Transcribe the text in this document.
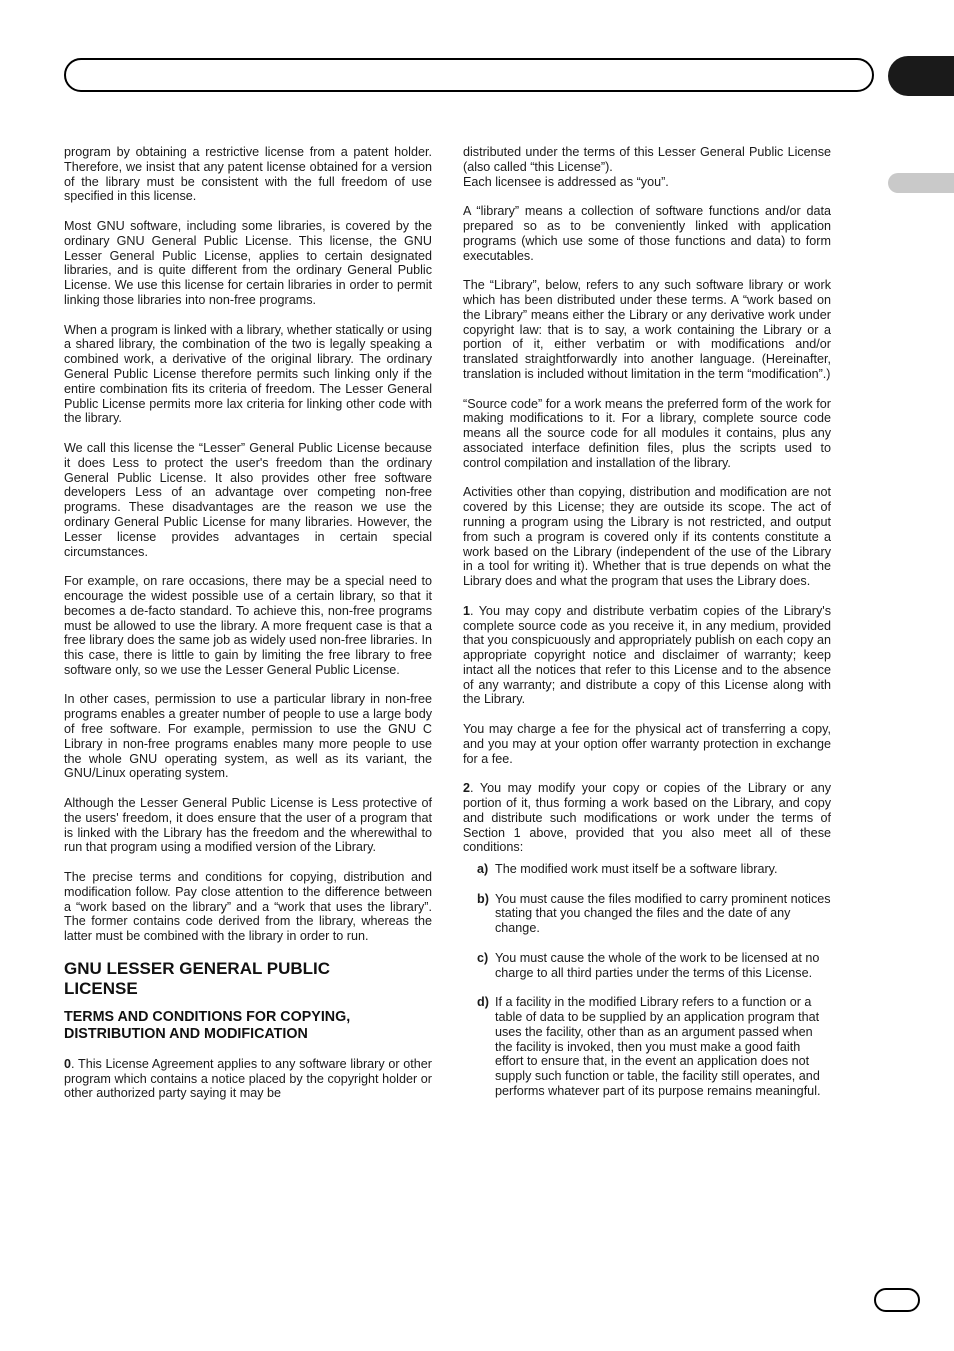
program by obtaining a restrictive license from a patent holder. Therefore, we insist that any patent license obtained for a version of the library must be consistent with the full freedom of use specified in this license.

Most GNU software, including some libraries, is covered by the ordinary GNU General Public License. This license, the GNU Lesser General Public License, applies to certain designated libraries, and is quite different from the ordinary General Public License. We use this license for certain libraries in order to permit linking those libraries into non-free programs.

When a program is linked with a library, whether statically or using a shared library, the combination of the two is legally speaking a combined work, a derivative of the original library. The ordinary General Public License therefore permits such linking only if the entire combination fits its criteria of freedom. The Lesser General Public License permits more lax criteria for linking other code with the library.

We call this license the “Lesser” General Public License because it does Less to protect the user's freedom than the ordinary General Public License. It also provides other free software developers Less of an advantage over competing non-free programs. These disadvantages are the reason we use the ordinary General Public License for many libraries. However, the Lesser license provides advantages in certain special circumstances.

For example, on rare occasions, there may be a special need to encourage the widest possible use of a certain library, so that it becomes a de-facto standard. To achieve this, non-free programs must be allowed to use the library. A more frequent case is that a free library does the same job as widely used non-free libraries. In this case, there is little to gain by limiting the free library to free software only, so we use the Lesser General Public License.

In other cases, permission to use a particular library in non-free programs enables a greater number of people to use a large body of free software. For example, permission to use the GNU C Library in non-free programs enables many more people to use the whole GNU operating system, as well as its variant, the GNU/Linux operating system.

Although the Lesser General Public License is Less protective of the users' freedom, it does ensure that the user of a program that is linked with the Library has the freedom and the wherewithal to run that program using a modified version of the Library.

The precise terms and conditions for copying, distribution and modification follow. Pay close attention to the difference between a “work based on the library” and a “work that uses the library”. The former contains code derived from the library, whereas the latter must be combined with the library in order to run.

GNU LESSER GENERAL PUBLIC LICENSE
TERMS AND CONDITIONS FOR COPYING, DISTRIBUTION AND MODIFICATION

0. This License Agreement applies to any software library or other program which contains a notice placed by the copyright holder or other authorized party saying it may be

distributed under the terms of this Lesser General Public License (also called “this License”).
Each licensee is addressed as “you”.

A “library” means a collection of software functions and/or data prepared so as to be conveniently linked with application programs (which use some of those functions and data) to form executables.

The “Library”, below, refers to any such software library or work which has been distributed under these terms. A “work based on the Library” means either the Library or any derivative work under copyright law: that is to say, a work containing the Library or a portion of it, either verbatim or with modifications and/or translated straightforwardly into another language. (Hereinafter, translation is included without limitation in the term “modification”.)

“Source code” for a work means the preferred form of the work for making modifications to it. For a library, complete source code means all the source code for all modules it contains, plus any associated interface definition files, plus the scripts used to control compilation and installation of the library.

Activities other than copying, distribution and modification are not covered by this License; they are outside its scope. The act of running a program using the Library is not restricted, and output from such a program is covered only if its contents constitute a work based on the Library (independent of the use of the Library in a tool for writing it). Whether that is true depends on what the Library does and what the program that uses the Library does.

1. You may copy and distribute verbatim copies of the Library's complete source code as you receive it, in any medium, provided that you conspicuously and appropriately publish on each copy an appropriate copyright notice and disclaimer of warranty; keep intact all the notices that refer to this License and to the absence of any warranty; and distribute a copy of this License along with the Library.

You may charge a fee for the physical act of transferring a copy, and you may at your option offer warranty protection in exchange for a fee.

2. You may modify your copy or copies of the Library or any portion of it, thus forming a work based on the Library, and copy and distribute such modifications or work under the terms of Section 1 above, provided that you also meet all of these conditions:

a) The modified work must itself be a software library.

b) You must cause the files modified to carry prominent notices stating that you changed the files and the date of any change.

c) You must cause the whole of the work to be licensed at no charge to all third parties under the terms of this License.

d) If a facility in the modified Library refers to a function or a table of data to be supplied by an application program that uses the facility, other than as an argument passed when the facility is invoked, then you must make a good faith effort to ensure that, in the event an application does not supply such function or table, the facility still operates, and performs whatever part of its purpose remains meaningful.
